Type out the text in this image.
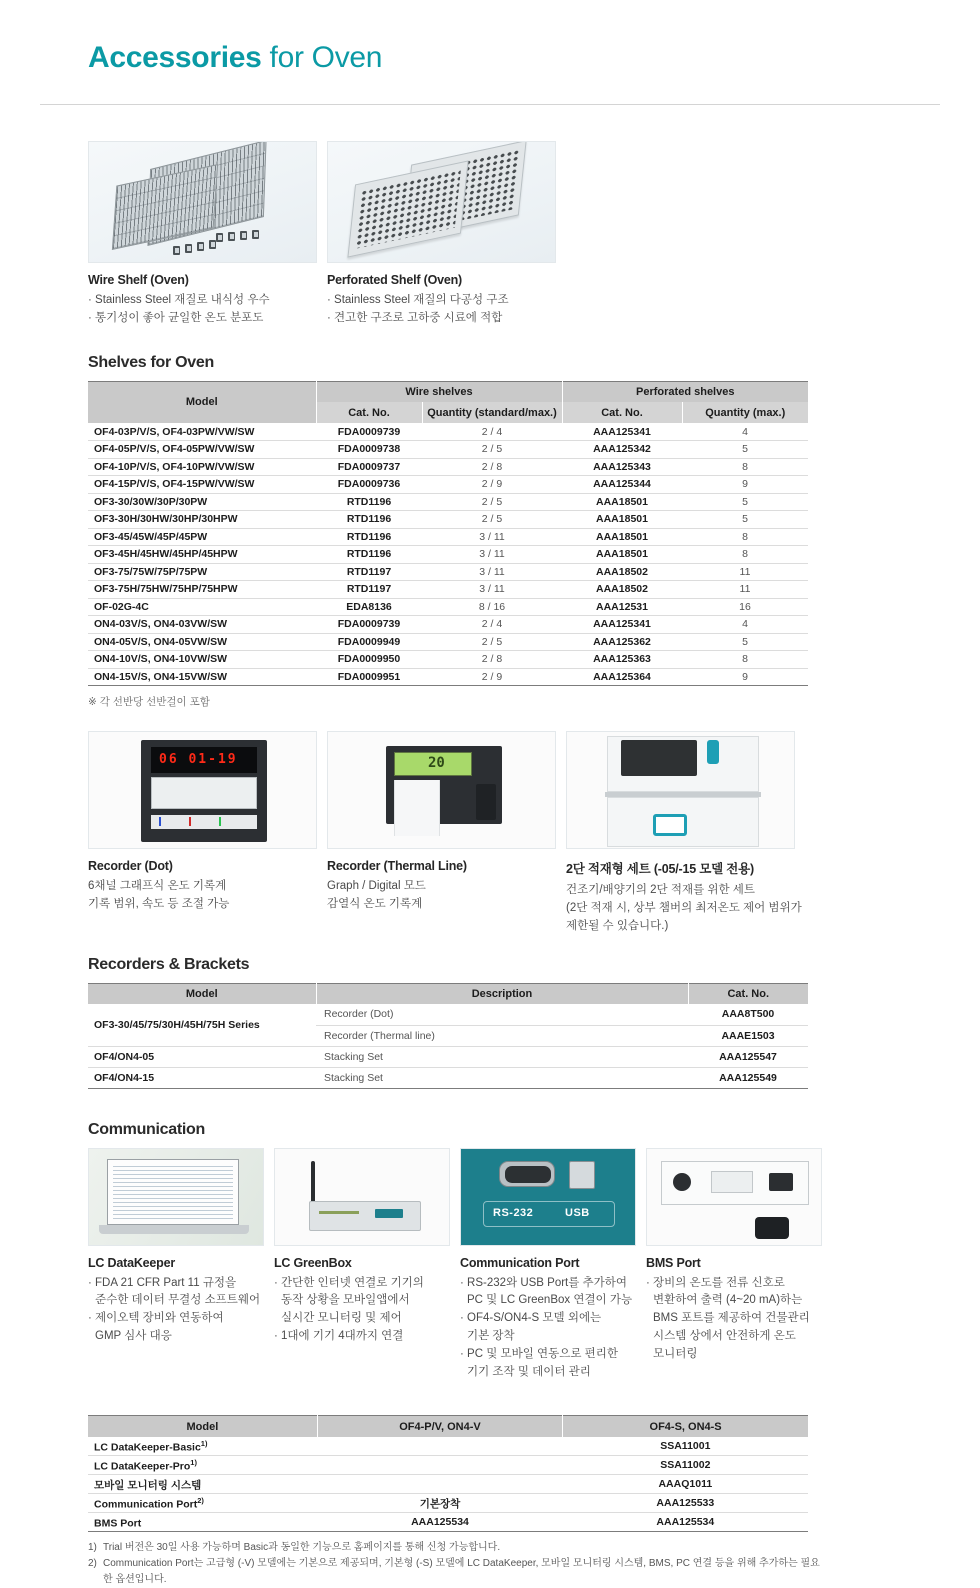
Accessories for Oven
Wire Shelf (Oven)
· Stainless Steel 재질로 내식성 우수
· 통기성이 좋아 균일한 온도 분포도
Perforated Shelf (Oven)
· Stainless Steel 재질의 다공성 구조
· 견고한 구조로 고하중 시료에 적합
Shelves for Oven
Model	Wire shelves		Perforated shelves	
	Cat. No.	Quantity (standard/max.)	Cat. No.	Quantity (max.)
OF4-03P/V/S, OF4-03PW/VW/SW	FDA0009739	2 / 4	AAA125341	4
OF4-05P/V/S, OF4-05PW/VW/SW	FDA0009738	2 / 5	AAA125342	5
OF4-10P/V/S, OF4-10PW/VW/SW	FDA0009737	2 / 8	AAA125343	8
OF4-15P/V/S, OF4-15PW/VW/SW	FDA0009736	2 / 9	AAA125344	9
OF3-30/30W/30P/30PW	RTD1196	2 / 5	AAA18501	5
OF3-30H/30HW/30HP/30HPW	RTD1196	2 / 5	AAA18501	5
OF3-45/45W/45P/45PW	RTD1196	3 / 11	AAA18501	8
OF3-45H/45HW/45HP/45HPW	RTD1196	3 / 11	AAA18501	8
OF3-75/75W/75P/75PW	RTD1197	3 / 11	AAA18502	11
OF3-75H/75HW/75HP/75HPW	RTD1197	3 / 11	AAA18502	11
OF-02G-4C	EDA8136	8 / 16	AAA12531	16
ON4-03V/S, ON4-03VW/SW	FDA0009739	2 / 4	AAA125341	4
ON4-05V/S, ON4-05VW/SW	FDA0009949	2 / 5	AAA125362	5
ON4-10V/S, ON4-10VW/SW	FDA0009950	2 / 8	AAA125363	8
ON4-15V/S, ON4-15VW/SW	FDA0009951	2 / 9	AAA125364	9
※ 각 선반당 선반걸이 포함
06 01-19	20
Recorder (Dot)
6채널 그래프식 온도 기록계
기록 범위, 속도 등 조절 가능
Recorder (Thermal Line)
Graph / Digital 모드
감열식 온도 기록계
2단 적재형 세트 (-05/-15 모델 전용)
건조기/배양기의 2단 적재를 위한 세트
(2단 적재 시, 상부 챔버의 최저온도 제어 범위가
제한될 수 있습니다.)
Recorders & Brackets
Model	Description	Cat. No.
OF3-30/45/75/30H/45H/75H Series	Recorder (Dot)	AAA8T500
	Recorder (Thermal line)	AAAE1503
OF4/ON4-05	Stacking Set	AAA125547
OF4/ON4-15	Stacking Set	AAA125549
Communication
RS-232	USB
LC DataKeeper
· FDA 21 CFR Part 11 규정을
준수한 데이터 무결성 소프트웨어
· 제이오텍 장비와 연동하여
GMP 심사 대응
LC GreenBox
· 간단한 인터넷 연결로 기기의
동작 상황을 모바일앱에서
실시간 모니터링 및 제어
· 1대에 기기 4대까지 연결
Communication Port
· RS-232와 USB Port를 추가하여
PC 및 LC GreenBox 연결이 가능
· OF4-S/ON4-S 모델 외에는
기본 장착
· PC 및 모바일 연동으로 편리한
기기 조작 및 데이터 관리
BMS Port
· 장비의 온도를 전류 신호로
변환하여 출력 (4~20 mA)하는
BMS 포트를 제공하여 건물관리
시스템 상에서 안전하게 온도
모니터링
Model	OF4-P/V, ON4-V	OF4-S, ON4-S
LC DataKeeper-Basic$^{1)}$		SSA11001
LC DataKeeper-Pro$^{1)}$		SSA11002
모바일 모니터링 시스템		AAAQ1011
Communication Port$^{2)}$	기본장착	AAA125533
BMS Port	AAA125534	AAA125534
1) Trial 버전은 30일 사용 가능하며 Basic과 동일한 기능으로 홈페이지를 통해 신청 가능합니다.
2) Communication Port는 고급형 (-V) 모델에는 기본으로 제공되며, 기본형 (-S) 모델에 LC DataKeeper, 모바일 모니터링 시스템, BMS, PC 연결 등을 위해 추가하는 필요한 옵션입니다.
